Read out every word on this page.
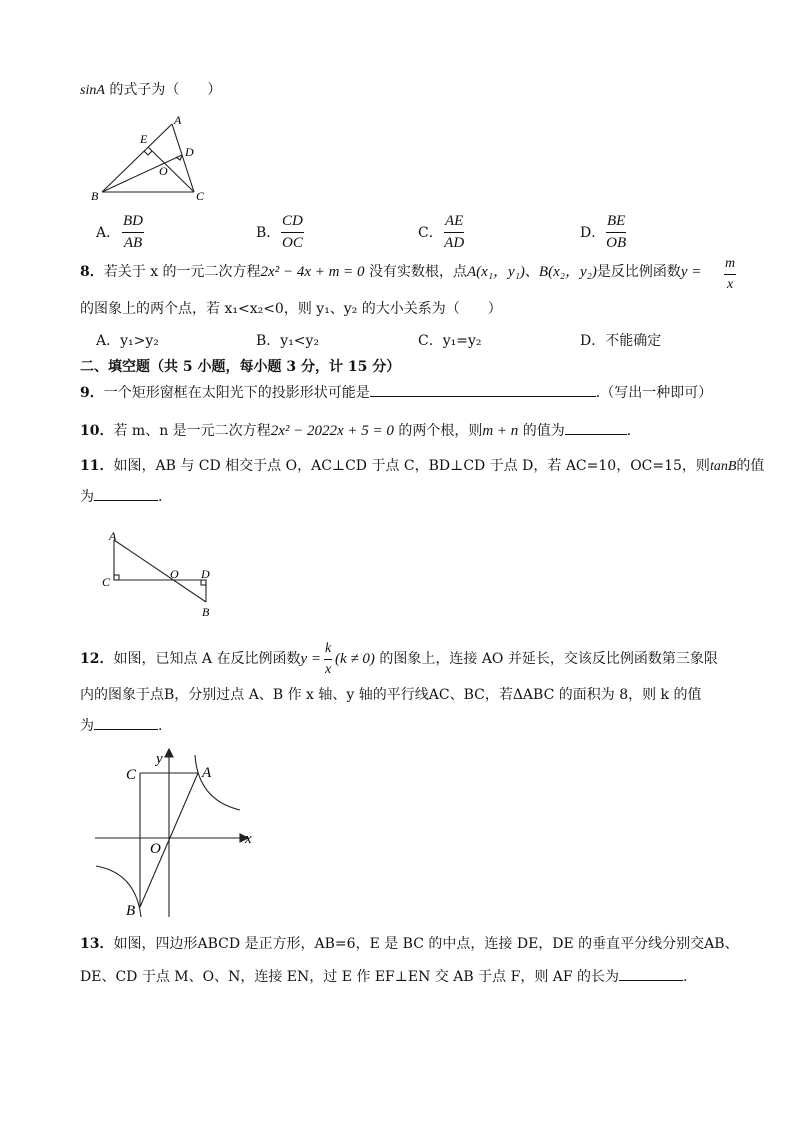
sinA 的式子为（　　）
A
B	C
D
E
O
A． $\frac{BD}{AB}$	B． $\frac{CD}{OC}$	C． $\frac{AE}{AD}$	D． $\frac{BE}{OB}$
8．若关于 x 的一元二次方程2x² − 4x + m = 0 没有实数根，点A(x₁，y₁)、B(x₂，y₂)是反比例函数$y = \frac{m}{x}$
的图象上的两个点，若 x₁<x₂<0，则 y₁、y₂ 的大小关系为（　　）
A．y₁>y₂	B．y₁<y₂	C．y₁=y₂	D．不能确定
二、填空题（共 5 小题，每小题 3 分，计 15 分）
9．一个矩形窗框在太阳光下的投影形状可能是	.（写出一种即可）
10．若 m、n 是一元二次方程2x² − 2022x + 5 = 0 的两个根，则m + n 的值为	.
11．如图，AB 与 CD 相交于点 O，AC⊥CD 于点 C，BD⊥CD 于点 D，若 AC=10，OC=15，则tanB的值
为	.
A
C
O D
B
12．如图，已知点 A 在反比例函数y = (k ≠ 0) 的图象上，连接 AO 并延长，交该反比例函数第三象限
$\frac{k}{x}$
内的图象于点B，分别过点 A、B 作 x 轴、y 轴的平行线AC、BC，若ΔABC 的面积为 8，则 k 的值
为	.
A
C
B
O
x
y
13．如图，四边形ABCD 是正方形，AB=6，E 是 BC 的中点，连接 DE，DE 的垂直平分线分别交AB、
DE、CD 于点 M、O、N，连接 EN，过 E 作 EF⊥EN 交 AB 于点 F，则 AF 的长为	.
